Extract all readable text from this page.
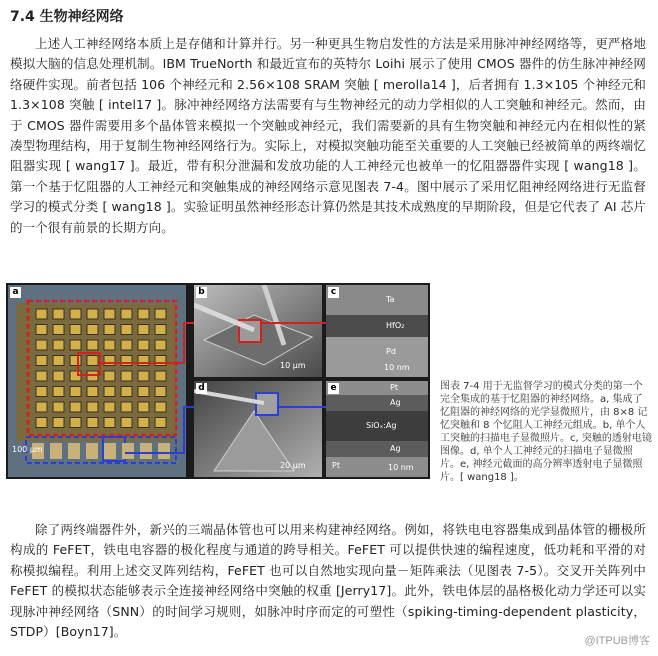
7.4 生物神经网络

上述人工神经网络本质上是存储和计算并行。另一种更具生物启发性的方法是采用脉冲神经网络等，更严格地模拟大脑的信息处理机制。IBM TrueNorth 和最近宣布的英特尔 Loihi 展示了使用 CMOS 器件的仿生脉冲神经网络硬件实现。前者包括 106 个神经元和 2.56×108 SRAM 突触 [ merolla14 ]，后者拥有 1.3×105 个神经元和 1.3×108 突触 [ intel17 ]。脉冲神经网络方法需要有与生物神经元的动力学相似的人工突触和神经元。然而，由于 CMOS 器件需要用多个晶体管来模拟一个突触或神经元，我们需要新的具有生物突触和神经元内在相似性的紧凑型物理结构，用于复制生物神经网络行为。实际上，对模拟突触功能至关重要的人工突触已经被简单的两终端忆阻器实现 [ wang17 ]。最近，带有积分泄漏和发放功能的人工神经元也被单一的忆阻器器件实现 [ wang18 ]。第一个基于忆阻器的人工神经元和突触集成的神经网络示意见图表 7-4。图中展示了采用忆阻神经网络进行无监督学习的模式分类 [ wang18 ]。实验证明虽然神经形态计算仍然是其技术成熟度的早期阶段，但是它代表了 AI 芯片的一个很有前景的长期方向。

a
100 μm
b
10 μm
c
Ta
HfO₂
Pd
10 nm
d
20 μm
e	Pt
Ag
SiOₓ:Ag
Ag
Pt	10 nm

图表 7-4 用于无监督学习的模式分类的第一个完全集成的基于忆阻器的神经网络。a, 集成了忆阻器的神经网络的光学显微照片，由 8×8 记忆突触和 8 个忆阻人工神经元组成。b, 单个人工突触的扫描电子显微照片。c, 突触的透射电镜图像。d, 单个人工神经元的扫描电子显微照片。e, 神经元截面的高分辨率透射电子显微照片。[ wang18 ]。

除了两终端器件外，新兴的三端晶体管也可以用来构建神经网络。例如，将铁电电容器集成到晶体管的栅极所构成的 FeFET，铁电电容器的极化程度与通道的跨导相关。FeFET 可以提供快速的编程速度，低功耗和平滑的对称模拟编程。利用上述交叉阵列结构，FeFET 也可以自然地实现向量－矩阵乘法（见图表 7-5）。交叉开关阵列中 FeFET 的模拟状态能够表示全连接神经网络中突触的权重 [Jerry17]。此外，铁电体层的晶格极化动力学还可以实现脉冲神经网络（SNN）的时间学习规则，如脉冲时序而定的可塑性（spiking-timing-dependent plasticity，STDP）[Boyn17]。

@ITPUB博客
